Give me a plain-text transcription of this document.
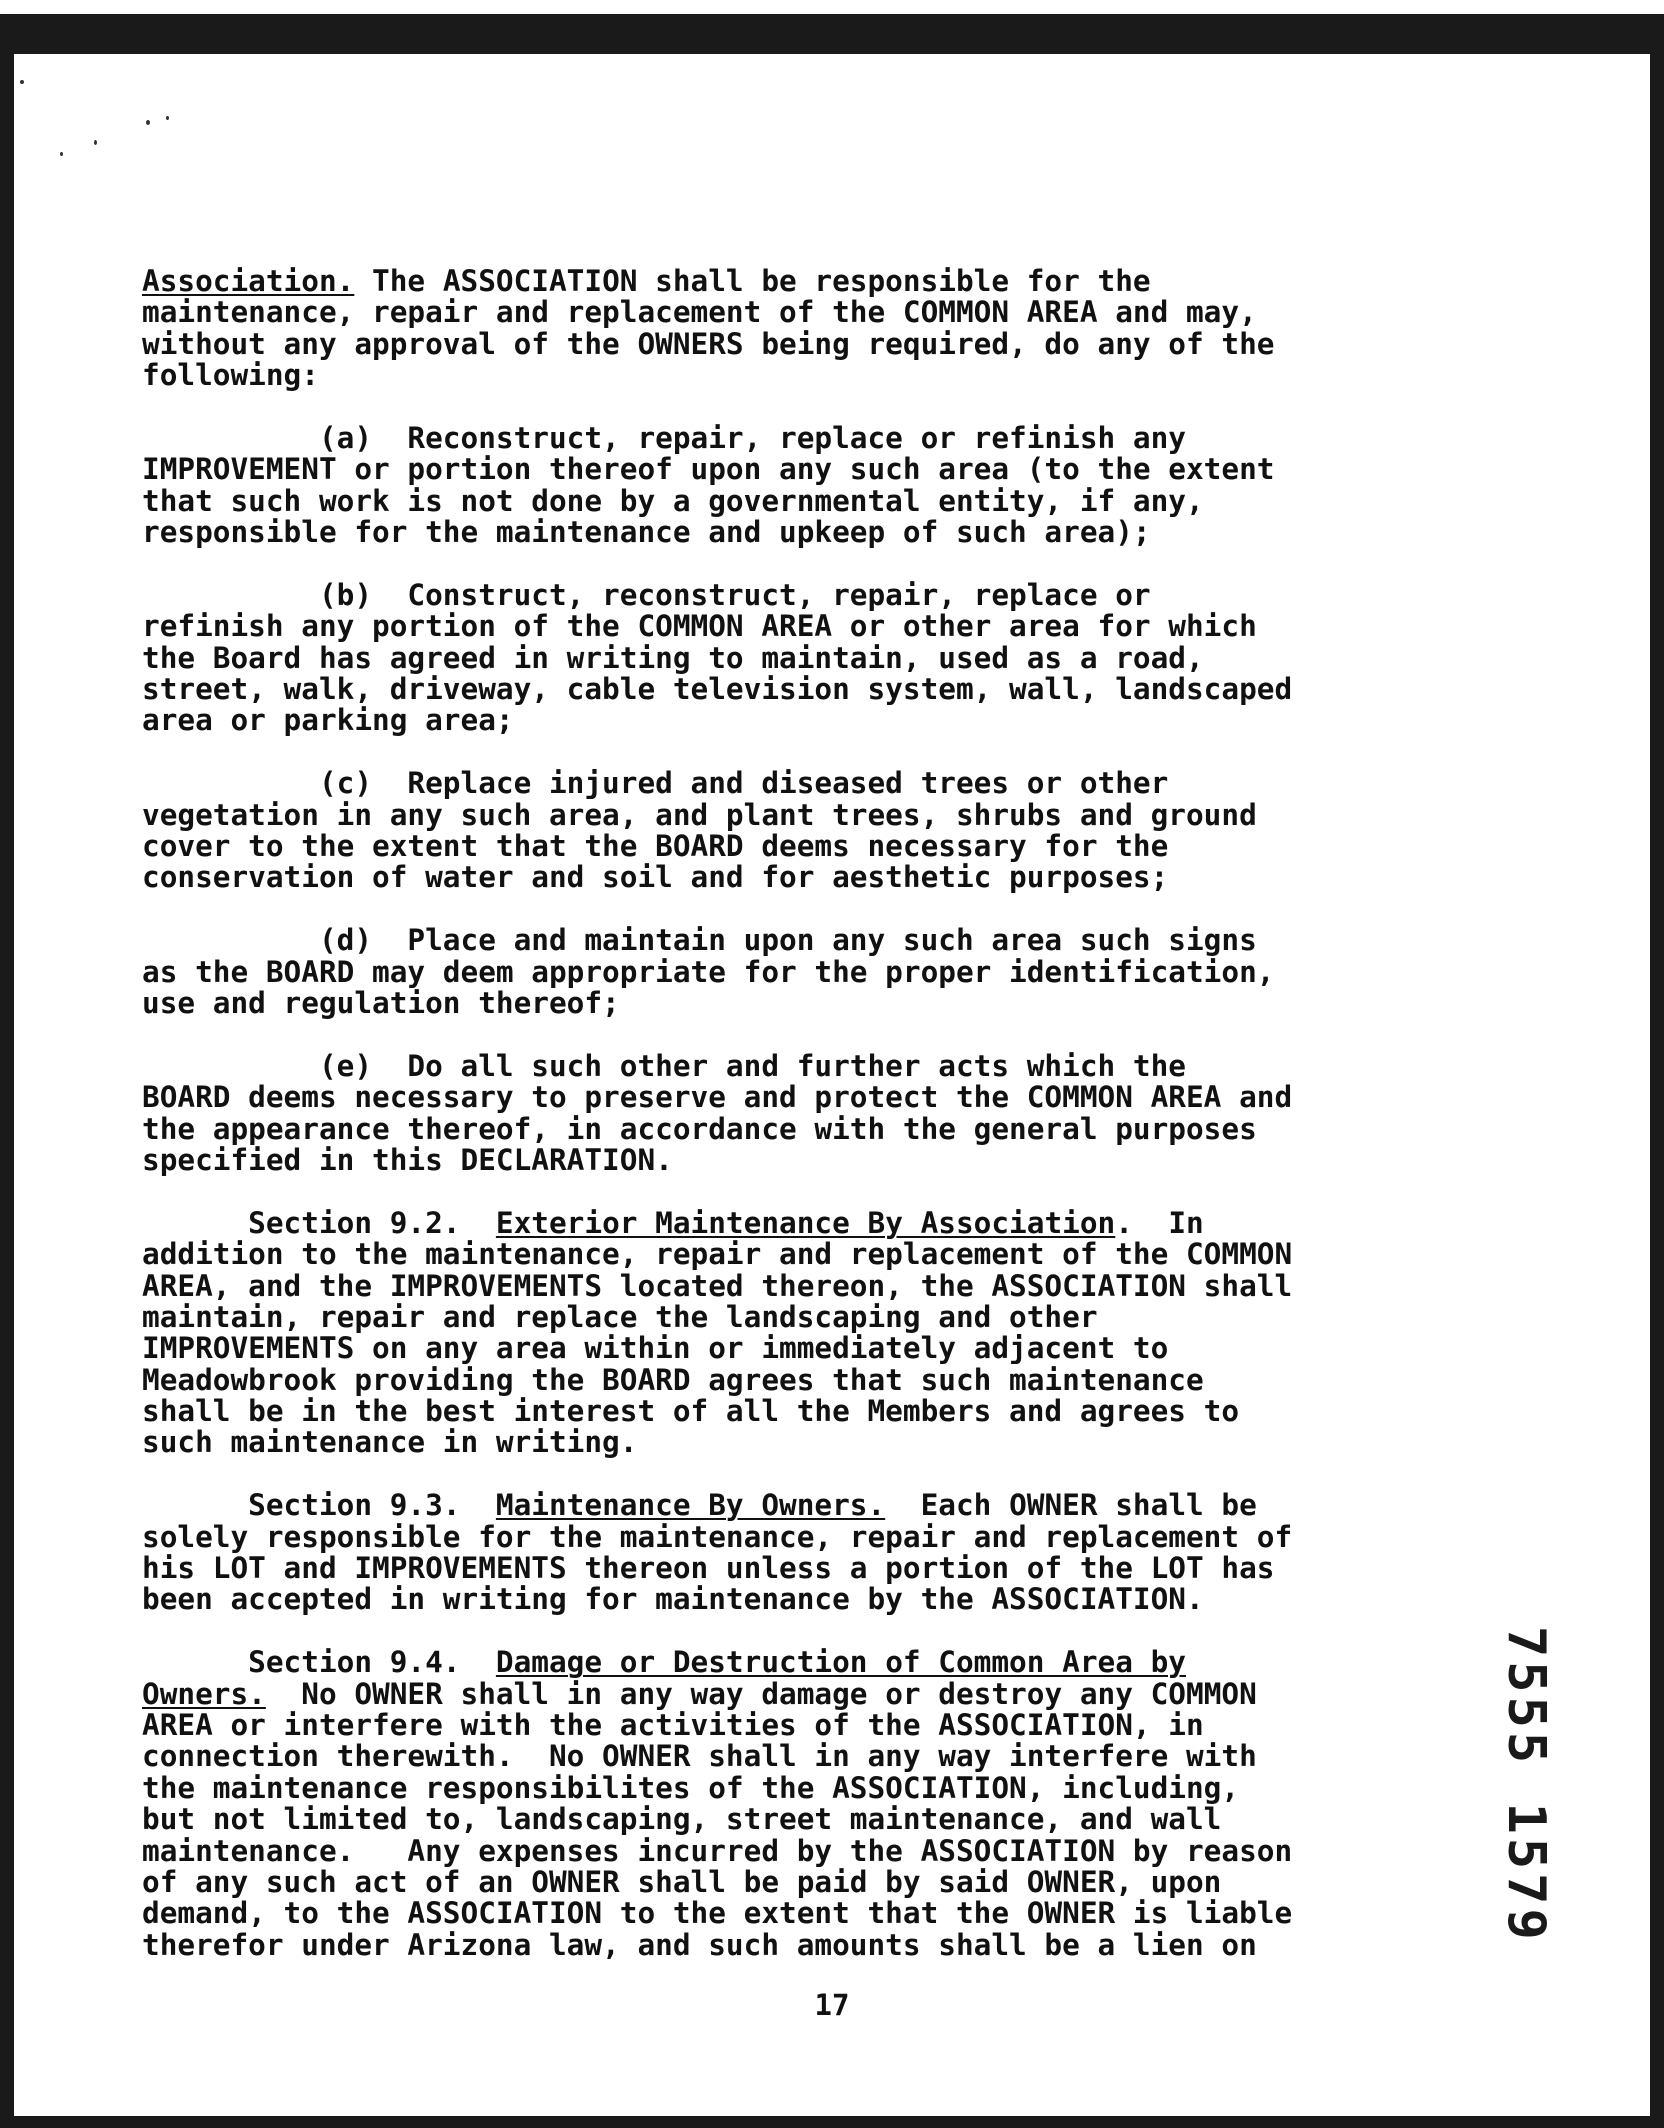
Association. The ASSOCIATION shall be responsible for the
maintenance, repair and replacement of the COMMON AREA and may,
without any approval of the OWNERS being required, do any of the
following:
(a)  Reconstruct, repair, replace or refinish any
IMPROVEMENT or portion thereof upon any such area (to the extent
that such work is not done by a governmental entity, if any,
responsible for the maintenance and upkeep of such area);
(b)  Construct, reconstruct, repair, replace or
refinish any portion of the COMMON AREA or other area for which
the Board has agreed in writing to maintain, used as a road,
street, walk, driveway, cable television system, wall, landscaped
area or parking area;
(c)  Replace injured and diseased trees or other
vegetation in any such area, and plant trees, shrubs and ground
cover to the extent that the BOARD deems necessary for the
conservation of water and soil and for aesthetic purposes;
(d)  Place and maintain upon any such area such signs
as the BOARD may deem appropriate for the proper identification,
use and regulation thereof;
(e)  Do all such other and further acts which the
BOARD deems necessary to preserve and protect the COMMON AREA and
the appearance thereof, in accordance with the general purposes
specified in this DECLARATION.
Section 9.2.  Exterior Maintenance By Association.  In
addition to the maintenance, repair and replacement of the COMMON
AREA, and the IMPROVEMENTS located thereon, the ASSOCIATION shall
maintain, repair and replace the landscaping and other
IMPROVEMENTS on any area within or immediately adjacent to
Meadowbrook providing the BOARD agrees that such maintenance
shall be in the best interest of all the Members and agrees to
such maintenance in writing.
Section 9.3.  Maintenance By Owners.  Each OWNER shall be
solely responsible for the maintenance, repair and replacement of
his LOT and IMPROVEMENTS thereon unless a portion of the LOT has
been accepted in writing for maintenance by the ASSOCIATION.
Section 9.4.  Damage or Destruction of Common Area by
Owners.  No OWNER shall in any way damage or destroy any COMMON
AREA or interfere with the activities of the ASSOCIATION, in
connection therewith.  No OWNER shall in any way interfere with
the maintenance responsibilites of the ASSOCIATION, including,
but not limited to, landscaping, street maintenance, and wall
maintenance.   Any expenses incurred by the ASSOCIATION by reason
of any such act of an OWNER shall be paid by said OWNER, upon
demand, to the ASSOCIATION to the extent that the OWNER is liable
therefor under Arizona law, and such amounts shall be a lien on
17
7555 1579
